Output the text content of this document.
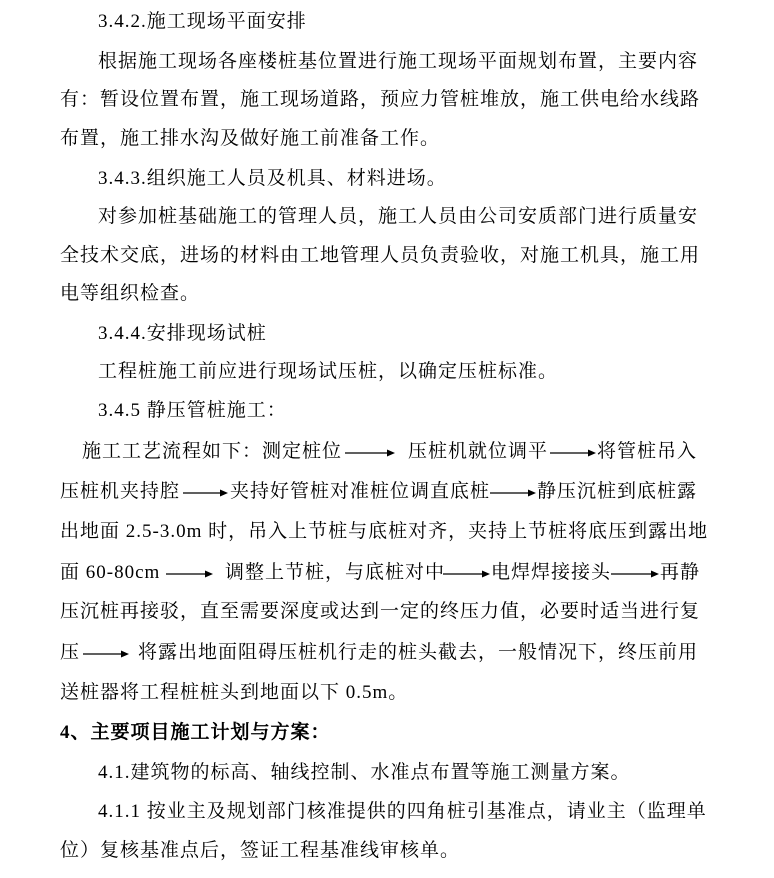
3.4.2.施工现场平面安排
根据施工现场各座楼桩基位置进行施工现场平面规划布置，主要内容
有：暂设位置布置，施工现场道路，预应力管桩堆放，施工供电给水线路
布置，施工排水沟及做好施工前准备工作。
3.4.3.组织施工人员及机具、材料进场。
对参加桩基础施工的管理人员，施工人员由公司安质部门进行质量安
全技术交底，进场的材料由工地管理人员负责验收，对施工机具，施工用
电等组织检查。
3.4.4.安排现场试桩
工程桩施工前应进行现场试压桩，以确定压桩标准。
3.4.5 静压管桩施工：
施工工艺流程如下：测定桩位	压桩机就位调平	将管桩吊入
压桩机夹持腔	夹持好管桩对准桩位调直底桩 静压沉桩到底桩露
出地面 2.5-3.0m 时，吊入上节桩与底桩对齐，夹持上节桩将底压到露出地
面 60-80cm	调整上节桩，与底桩对中 电焊焊接接头	再静
压沉桩再接驳，直至需要深度或达到一定的终压力值，必要时适当进行复
压	将露出地面阻碍压桩机行走的桩头截去，一般情况下，终压前用
送桩器将工程桩桩头到地面以下 0.5m。
4、主要项目施工计划与方案：
4.1.建筑物的标高、轴线控制、水准点布置等施工测量方案。
4.1.1 按业主及规划部门核准提供的四角桩引基准点，请业主（监理单
位）复核基准点后，签证工程基准线审核单。
